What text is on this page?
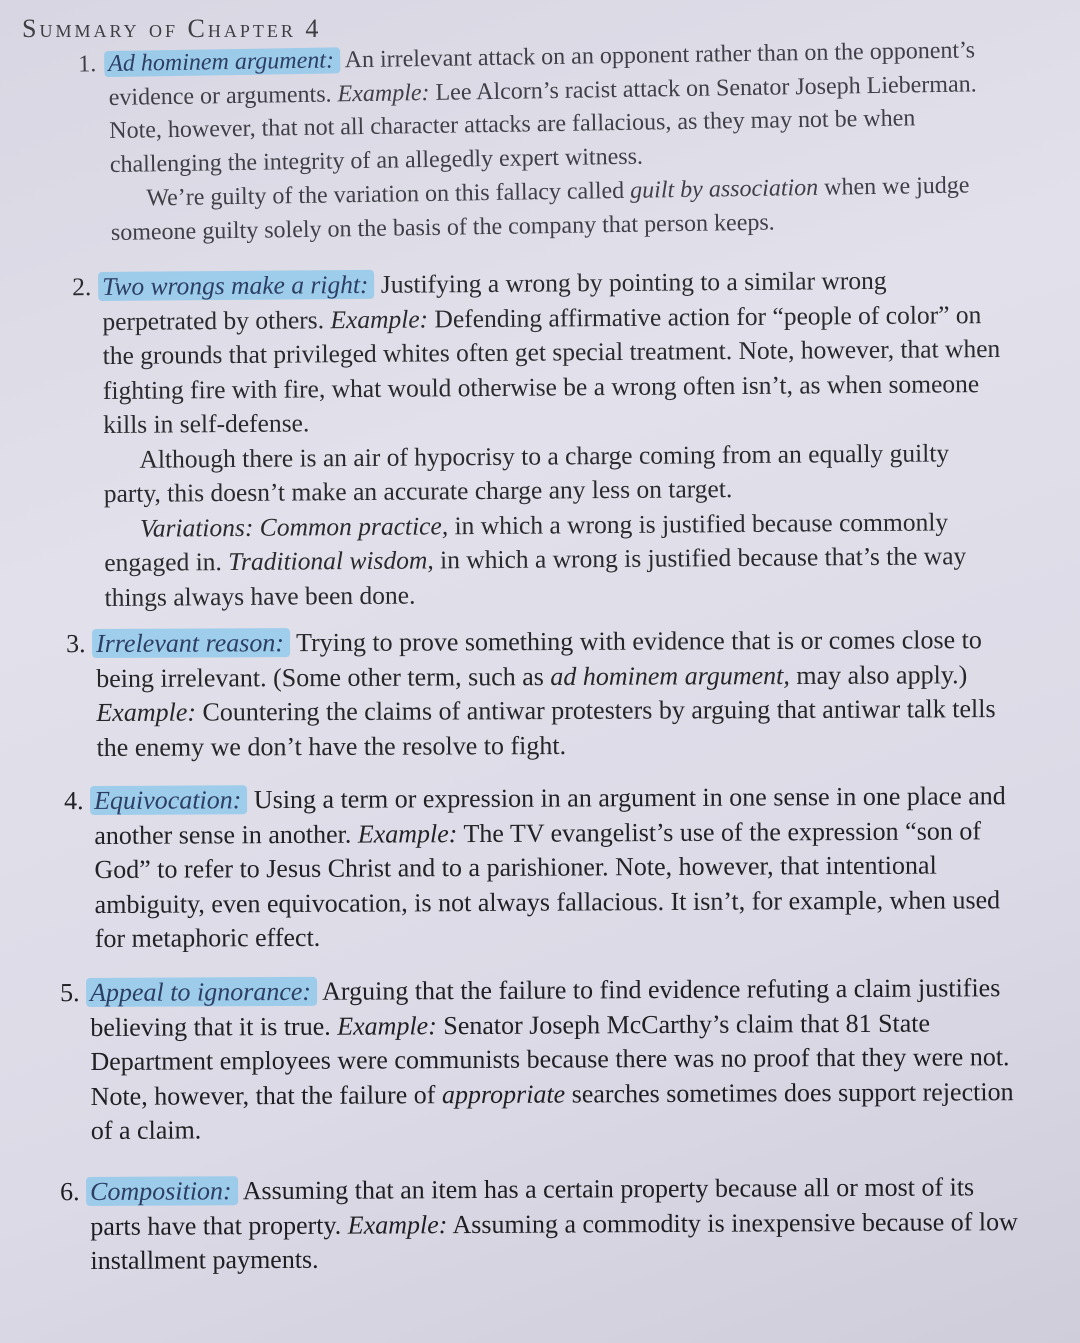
Summary of Chapter 4
1. Ad hominem argument: An irrelevant attack on an opponent rather than on the opponent’s evidence or arguments. Example: Lee Alcorn’s racist attack on Senator Joseph Lieberman. Note, however, that not all character attacks are fallacious, as they may not be when challenging the integrity of an allegedly expert witness.

We’re guilty of the variation on this fallacy called guilt by association when we judge someone guilty solely on the basis of the company that person keeps.

2. Two wrongs make a right: Justifying a wrong by pointing to a similar wrong perpetrated by others. Example: Defending affirmative action for “people of color” on the grounds that privileged whites often get special treatment. Note, however, that when fighting fire with fire, what would otherwise be a wrong often isn’t, as when someone kills in self-defense.

Although there is an air of hypocrisy to a charge coming from an equally guilty party, this doesn’t make an accurate charge any less on target.

Variations: Common practice, in which a wrong is justified because commonly engaged in. Traditional wisdom, in which a wrong is justified because that’s the way things always have been done.

3. Irrelevant reason: Trying to prove something with evidence that is or comes close to being irrelevant. (Some other term, such as ad hominem argument, may also apply.) Example: Countering the claims of antiwar protesters by arguing that antiwar talk tells the enemy we don’t have the resolve to fight.

4. Equivocation: Using a term or expression in an argument in one sense in one place and another sense in another. Example: The TV evangelist’s use of the expression “son of God” to refer to Jesus Christ and to a parishioner. Note, however, that intentional ambiguity, even equivocation, is not always fallacious. It isn’t, for example, when used for metaphoric effect.

5. Appeal to ignorance: Arguing that the failure to find evidence refuting a claim justifies believing that it is true. Example: Senator Joseph McCarthy’s claim that 81 State Department employees were communists because there was no proof that they were not. Note, however, that the failure of appropriate searches sometimes does support rejection of a claim.

6. Composition: Assuming that an item has a certain property because all or most of its parts have that property. Example: Assuming a commodity is inexpensive because of low installment payments.
